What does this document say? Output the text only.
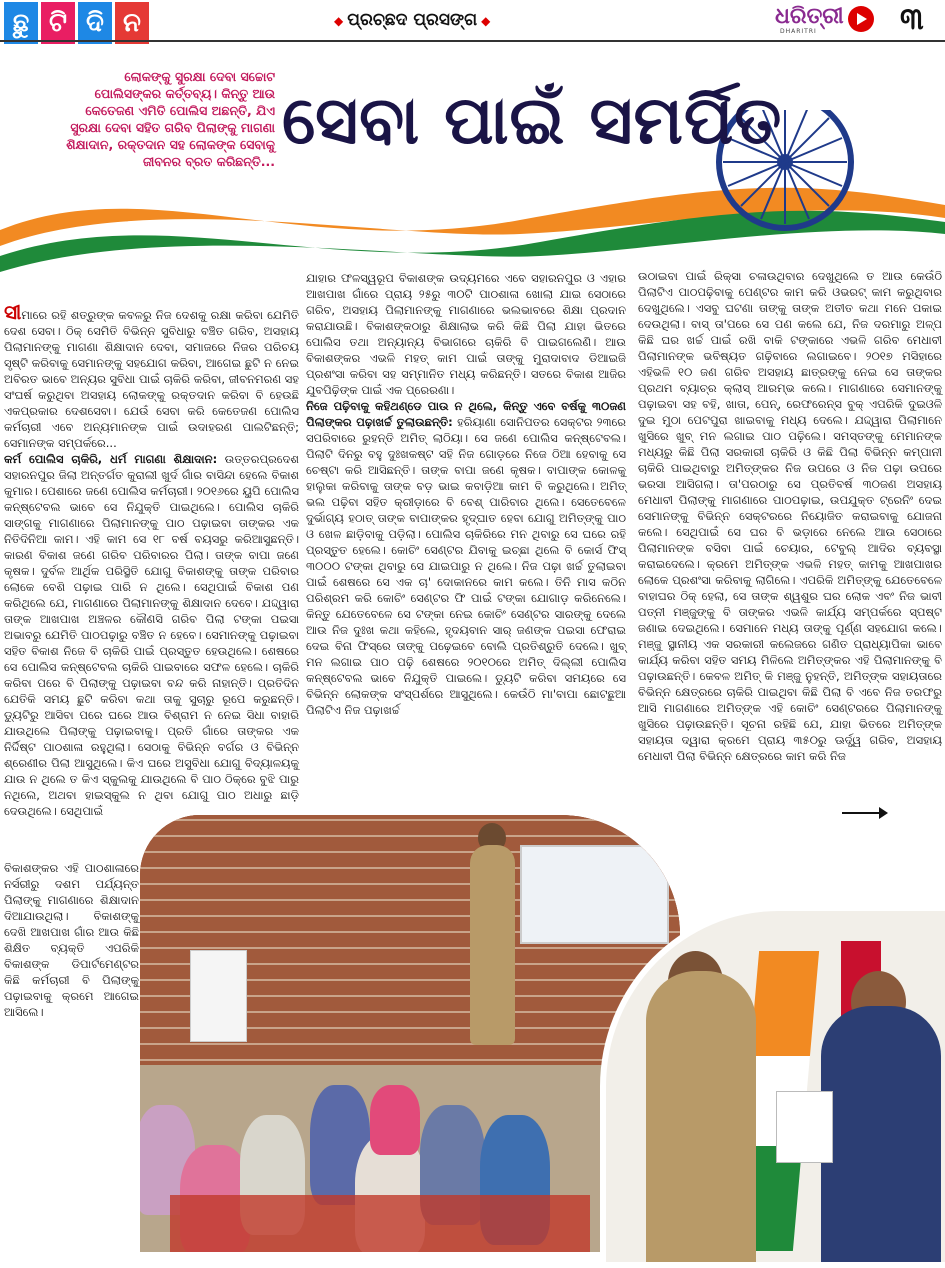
ଛୁ ଟି ଦି ନ	◆ ପ୍ରଚ୍ଛଦ ପ୍ରସଙ୍ଗ ◆	ଧରିତ୍ରୀ
DHARITRI	୩
ଲୋକଙ୍କୁ ସୁରକ୍ଷା ଦେବା ସଚ୍ଚୋଟ ପୋଲିସଙ୍କର କର୍ତ୍ତବ୍ୟ। କିନ୍ତୁ ଆଉ କେତେଜଣ ଏମିତି ପୋଲିସ ଅଛନ୍ତି, ଯିଏ ସୁରକ୍ଷା ଦେବା ସହିତ ଗରିବ ପିଲାଙ୍କୁ ମାଗଣା ଶିକ୍ଷାଦାନ, ରକ୍ତଦାନ ସହ ଲୋକଙ୍କ ସେବାକୁ ଜୀବନର ବ୍ରତ କରିଛନ୍ତି...
ସେବା ପାଇଁ ସମର୍ପିତ

ସୀମାରେ ରହି ଶତ୍ରୁଙ୍କ କବଳରୁ ନିଜ ଦେଶକୁ ରକ୍ଷା କରିବା ଯେମିତି ଦେଶ ସେବା। ଠିକ୍ ସେମିତି ବିଭିନ୍ନ ସୁବିଧାରୁ ବଞ୍ଚିତ ଗରିବ, ଅସହାୟ ପିଲାମାନଙ୍କୁ ମାଗଣା ଶିକ୍ଷାଦାନ ଦେବା, ସମାଜରେ ନିଜର ପରିଚୟ ସୃଷ୍ଟି କରିବାକୁ ସେମାନଙ୍କୁ ସହଯୋଗ କରିବା, ଆଗେଇ ଛୁଟି ନ ନେଇ ଅବିରତ ଭାବେ ଅନ୍ୟର ସୁବିଧା ପାଇଁ ଚାକିରି କରିବା, ଜୀବନମରଣ ସହ ସଂଘର୍ଷ କରୁଥିବା ଅସହାୟ ଲୋକଙ୍କୁ ରକ୍ତଦାନ କରିବା ବି ହେଉଛି ଏକପ୍ରକାର ଦେଶସେବା। ଯେଉଁ ସେବା କରି କେତେଜଣ ପୋଲିସ କର୍ମଚାରୀ ଏବେ ଅନ୍ୟମାନଙ୍କ ପାଇଁ ଉଦାହରଣ ପାଲଟିଛନ୍ତି; ସେମାନଙ୍କ ସମ୍ପର୍କରେ...

କର୍ମ ପୋଲିସ ଚାକିରି, ଧର୍ମ ମାଗଣା ଶିକ୍ଷାଦାନ: ଉତ୍ତରପ୍ରଦେଶ ସହାରନପୁର ଜିଲା ଅନ୍ତର୍ଗତ କୁରାଲୀ ଖୁର୍ଦ ଗାଁର ବାସିନ୍ଦା ହେଲେ ବିକାଶ କୁମାର। ପେଶାରେ ଜଣେ ପୋଲିସ କର୍ମଚାରୀ। ୨୦୧୬ରେ ୟୁପି ପୋଲିସ କନ୍ଷ୍ଟେବଲ ଭାବେ ସେ ନିଯୁକ୍ତି ପାଇଥିଲେ। ପୋଲିସ ଚାକିରି ସାଙ୍ଗକୁ ମାଗଣାରେ ପିଲାମାନଙ୍କୁ ପାଠ ପଢ଼ାଇବା ତାଙ୍କର ଏକ ନିତିଦିନିଆ କାମ। ଏହି କାମ ସେ ୧୮ ବର୍ଷ ବୟସରୁ କରିଆସୁଛନ୍ତି। କାରଣ ବିକାଶ ଜଣେ ଗରିବ ପରିବାରର ପିଲା। ତାଙ୍କ ବାପା ଜଣେ କୃଷକ। ଦୁର୍ବଳ ଆର୍ଥିକ ପରିସ୍ଥିତି ଯୋଗୁ ବିକାଶଙ୍କୁ ତାଙ୍କ ପରିବାର ଲୋକେ ବେଶି ପଢ଼ାଇ ପାରି ନ ଥିଲେ। ସେଥିପାଇଁ ବିକାଶ ପଣ କରିଥିଲେ ଯେ, ମାଗଣାରେ ପିଲାମାନଙ୍କୁ ଶିକ୍ଷାଦାନ ଦେବେ। ଯଦ୍ଦ୍ୱାରା ତାଙ୍କ ଆଖପାଖ ଅଞ୍ଚଳର କୌଣସି ଗରିବ ପିଲା ଟଙ୍କା ପଇସା ଅଭାବରୁ ଯେମିତି ପାଠପଢ଼ାରୁ ବଞ୍ଚିତ ନ ହେବେ। ସେମାନଙ୍କୁ ପଢ଼ାଇବା ସହିତ ବିକାଶ ନିଜେ ବି ଚାକିରି ପାଇଁ ପ୍ରସ୍ତୁତ ହେଉଥିଲେ। ଶେଷରେ ସେ ପୋଲିସ କନ୍ଷ୍ଟେବଲ ଚାକିରି ପାଇବାରେ ସଫଳ ହେଲେ। ଚାକିରି କରିବା ପରେ ବି ପିଲାଙ୍କୁ ପଢ଼ାଇବା ବନ୍ଦ କରି ନାହାନ୍ତି। ପ୍ରତିଦିନ ଯେତିକି ସମୟ ଛୁଟି କରିବା କଥା ତାକୁ ସୁଚାରୁ ରୂପେ କରୁଛନ୍ତି। ଡ୍ୟୁଟିରୁ ଆସିବା ପରେ ଘରେ ଆଉ ବିଶ୍ରାମ ନ ନେଇ ସିଧା ବାହାରି ଯାଉଥିଲେ ପିଲାଙ୍କୁ ପଢ଼ାଇବାକୁ। ପ୍ରତି ଗାଁରେ ତାଙ୍କର ଏକ ନିର୍ଦ୍ଦିଷ୍ଟ ପାଠଶାଳା ରହୁଥିଲା। ସେଠାକୁ ବିଭିନ୍ନ ବର୍ଗର ଓ ବିଭିନ୍ନ ଶ୍ରେଣୀର ପିଲା ଆସୁଥିଲେ। କିଏ ଘରେ ଅସୁବିଧା ଯୋଗୁ ବିଦ୍ୟାଳୟକୁ ଯାଉ ନ ଥିଲେ ତ କିଏ ସ୍କୁଲକୁ ଯାଉଥିଲେ ବି ପାଠ ଠିକ୍‌ରେ ବୁଝି ପାରୁ ନଥିଲେ, ଅଥବା ହାଇସ୍କୁଲ ନ ଥିବା ଯୋଗୁ ପାଠ ଅଧାରୁ ଛାଡ଼ି ଦେଉଥିଲେ। ସେଥିପାଇଁ

ବିକାଶଙ୍କର ଏହି ପାଠଶାଳାରେ ନର୍ସରୀରୁ ଦଶମ ପର୍ଯ୍ୟନ୍ତ ପିଲାଙ୍କୁ ମାଗଣାରେ ଶିକ୍ଷାଦାନ ଦିଆଯାଉଥିଲା। ବିକାଶଙ୍କୁ ଦେଖି ଆଖପାଖ ଗାଁର ଆଉ କିଛି ଶିକ୍ଷିତ ବ୍ୟକ୍ତି ଏପରିକି ବିକାଶଙ୍କ ଡିପାର୍ଟମେଣ୍ଟର କିଛି କର୍ମଚାରୀ ବି ପିଲାଙ୍କୁ ପଢ଼ାଇବାକୁ କ୍ରମେ ଆଗେଇ ଆସିଲେ।

ଯାହାର ଫଳସ୍ୱରୂପ ବିକାଶଙ୍କ ଉଦ୍ୟମରେ ଏବେ ସହାରନପୁର ଓ ଏହାର ଆଖପାଖ ଗାଁରେ ପ୍ରାୟ ୨୫ରୁ ୩୦ଟି ପାଠଶାଳା ଖୋଲା ଯାଇ ସେଠାରେ ଗରିବ, ଅସହାୟ ପିଲାମାନଙ୍କୁ ମାଗଣାରେ ଭଲଭାବରେ ଶିକ୍ଷା ପ୍ରଦାନ କରାଯାଉଛି। ବିକାଶଙ୍କଠାରୁ ଶିକ୍ଷାଲାଭ କରି କିଛି ପିଲା ଯାହା ଭିତରେ ପୋଲିସ ତଥା ଅନ୍ୟାନ୍ୟ ବିଭାଗରେ ଚାକିରି ବି ପାଇଗଲେଣି। ଆଉ ବିକାଶଙ୍କର ଏଭଳି ମହତ୍ କାମ ପାଇଁ ତାଙ୍କୁ ମୁରାଦାବାଦ ଡିଆଇଜି ପ୍ରଶଂସା କରିବା ସହ ସମ୍ମାନିତ ମଧ୍ୟ କରିଛନ୍ତି। ସତରେ ବିକାଶ ଆଜିର ଯୁବପିଢ଼ିଙ୍କ ପାଇଁ ଏକ ପ୍ରେରଣା।

ନିଜେ ପଢ଼ିବାକୁ କହିଥଣ୍ଡେ ପାଉ ନ ଥିଲେ, କିନ୍ତୁ ଏବେ ବର୍ଷକୁ ୩୦ଜଣ ପିଲାଙ୍କର ପଢ଼ାଖର୍ଚ୍ଚ ତୁଲାଉଛନ୍ତି: ହରିୟାଣା ସୋନିପତର ସେକ୍ଟର ୨୩ରେ ସପରିବାରେ ରୁହନ୍ତି ଅମିତ୍ ଲାଠିୟା। ସେ ଜଣେ ପୋଲିସ କନ୍ଷ୍ଟେବଲ। ପିଲାଟି ଦିନରୁ ବହୁ ଦୁଃଖକଷ୍ଟ ସହି ନିଜ ଗୋଡ଼ରେ ନିଜେ ଠିଆ ହେବାକୁ ସେ ଚେଷ୍ଟା କରି ଆସିଛନ୍ତି। ତାଙ୍କ ବାପା ଜଣେ କୃଷକ। ବାପାଙ୍କ କୋଳକୁ ହାଲୁକା କରିବାକୁ ତାଙ୍କ ବଡ଼ ଭାଇ କବାଡ଼ିଆ କାମ ବି କରୁଥିଲେ। ଅମିତ୍ ଭଲ ପଢ଼ିବା ସହିତ କ୍ରୀଡ଼ାରେ ବି ବେଶ୍ ପାରିବାର ଥିଲେ। ସେତେବେଳେ ଦୁର୍ଭାଗ୍ୟ ହଠାତ୍ ତାଙ୍କ ବାପାଙ୍କର ହୃଦ୍‌ଘାତ ହେବା ଯୋଗୁ ଅମିତ୍‌ଙ୍କୁ ପାଠ ଓ ଖେଳ ଛାଡ଼ିବାକୁ ପଡ଼ିଲା। ପୋଲିସ ଚାକିରିରେ ମନ ଥିବାରୁ ସେ ଘରେ ରହି ପ୍ରସ୍ତୁତ ହେଲେ। କୋଚିଂ ସେଣ୍ଟର ଯିବାକୁ ଇଚ୍ଛା ଥିଲେ ବି କୋର୍ସ ଫିସ୍ ୩୦୦୦ ଟଙ୍କା ଥିବାରୁ ସେ ଯାଇପାରୁ ନ ଥିଲେ। ନିଜ ପଢ଼ା ଖର୍ଚ୍ଚ ତୁଲାଇବା ପାଇଁ ଶେଷରେ ସେ ଏକ ଚା' ଦୋକାନରେ କାମ କଲେ। ତିନି ମାସ କଠିନ ପରିଶ୍ରମ କରି କୋଚିଂ ସେଣ୍ଟର ଫି ପାଇଁ ଟଙ୍କା ଯୋଗାଡ଼ କରିନେଲେ। କିନ୍ତୁ ଯେତେବେଳେ ସେ ଟଙ୍କା ନେଇ କୋଚିଂ ସେଣ୍ଟର ସାରଙ୍କୁ ଦେଲେ ଆଉ ନିଜ ଦୁଃଖ କଥା କହିଲେ, ହୃଦୟବାନ ସାର୍ ଜଣଙ୍କ ପଇସା ଫେରାଇ ଦେଇ ବିନା ଫିସ୍‌ରେ ତାଙ୍କୁ ପଢ଼େଇବେ ବୋଲି ପ୍ରତିଶ୍ରୁତି ଦେଲେ। ଖୁବ୍ ମନ ଲଗାଇ ପାଠ ପଢ଼ି ଶେଷରେ ୨୦୧୦ରେ ଅମିତ୍ ଦିଲ୍ଲୀ ପୋଲିସ କନ୍ଷ୍ଟେବଲ ଭାବେ ନିଯୁକ୍ତି ପାଇଲେ। ଡ୍ୟୁଟି କରିବା ସମୟରେ ସେ ବିଭିନ୍ନ ଲୋକଙ୍କ ସଂସ୍ପର୍ଶରେ ଆସୁଥିଲେ। କେଉଁଠି ମା'ବାପା ଛୋଟଛୁଆ ପିଲାଟିଏ ନିଜ ପଢ଼ାଖର୍ଚ୍ଚ

ଉଠାଇବା ପାଇଁ ରିକ୍ସା ଚଳାଉଥିବାର ଦେଖୁଥିଲେ ତ ଆଉ କେଉଁଠି ପିଲାଟିଏ ପାଠପଢ଼ିବାକୁ ପେଣ୍ଟର କାମ କରି ଓଭରଟ୍ କାମ କରୁଥିବାର ଦେଖୁଥିଲେ। ଏସବୁ ଘଟଣା ତାଙ୍କୁ ତାଙ୍କ ଅତୀତ କଥା ମନେ ପକାଇ ଦେଉଥିଲା। ବାସ୍ ତା'ପରେ ସେ ପଣ କଲେ ଯେ, ନିଜ ଦରମାରୁ ଅଳ୍ପ କିଛି ଘର ଖର୍ଚ୍ଚ ପାଇଁ ରଖି ବାକି ଟଙ୍କାରେ ଏଭଳି ଗରିବ ମେଧାବୀ ପିଲାମାନଙ୍କ ଭବିଷ୍ୟତ ଗଢ଼ିବାରେ ଲଗାଇବେ। ୨୦୧୭ ମସିହାରେ ଏହିଭଳି ୧୦ ଜଣ ଗରିବ ଅସହାୟ ଛାତ୍ରଙ୍କୁ ନେଇ ସେ ତାଙ୍କର ପ୍ରଥମ ବ୍ୟାଚ୍‌ର କ୍ଲାସ୍ ଆରମ୍ଭ କଲେ। ମାଗଣାରେ ସେମାନଙ୍କୁ ପଢ଼ାଇବା ସହ ବହି, ଖାତା, ପେନ୍, ରେଫରେନ୍ସ ବୁକ୍ ଏପରିକି ଦୁଇଓଳି ଦୁଇ ମୁଠା ପେଟପୁରା ଖାଇବାକୁ ମଧ୍ୟ ଦେଲେ। ଯଦ୍ଦ୍ୱାରା ପିଲାମାନେ ଖୁସିରେ ଖୁବ୍ ମନ ଲଗାଇ ପାଠ ପଢ଼ିଲେ। ସମସ୍ତଙ୍କୁ ମେମାନଙ୍କ ମଧ୍ୟରୁ କିଛି ପିଲା ସରକାରୀ ଚାକିରି ଓ କିଛି ପିଲା ବିଭିନ୍ନ କମ୍ପାନୀ ଚାକିରି ପାଇଥିବାରୁ ଅମିତ୍‌ଙ୍କର ନିଜ ଉପରେ ଓ ନିଜ ପଢ଼ା ଉପରେ ଭରସା ଆସିଗଲା। ତା'ପରଠାରୁ ସେ ପ୍ରତିବର୍ଷ ୩୦ଜଣ ଅସହାୟ ମେଧାବୀ ପିଲାଙ୍କୁ ମାଗଣାରେ ପାଠପଢ଼ାଇ, ଉପଯୁକ୍ତ ଟ୍ରେନିଂ ଦେଇ ସେମାନଙ୍କୁ ବିଭିନ୍ନ ସେକ୍ଟରରେ ନିୟୋଜିତ କରାଇବାକୁ ଯୋଜନା କଲେ। ସେଥିପାଇଁ ସେ ଘର ବି ଭଡ଼ାରେ ନେଲେ ଆଉ ସେଠାରେ ପିଲାମାନଙ୍କ ବସିବା ପାଇଁ ଚେୟାର, ଟେବୁଲ୍ ଆଦିର ବ୍ୟବସ୍ଥା କରାଇଦେଲେ। କ୍ରମେ ଅମିତ୍‌ଙ୍କ ଏଭଳି ମହତ୍ କାମକୁ ଆଖପାଖର ଲୋକେ ପ୍ରଶଂସା କରିବାକୁ ଲାଗିଲେ। ଏପରିକି ଅମିତ୍‌ଙ୍କୁ ଯେତେବେଳେ ବାହାଘର ଠିକ୍ ହେଲା, ସେ ତାଙ୍କ ଶ୍ୱଶୁର ଘର ଲୋକ ଏବଂ ନିଜ ଭାବୀ ପତ୍ନୀ ମଞ୍ଜୁଙ୍କୁ ବି ତାଙ୍କର ଏଭଳି କାର୍ଯ୍ୟ ସମ୍ପର୍କରେ ସ୍ପଷ୍ଟ ଜଣାଇ ଦେଇଥିଲେ। ସେମାନେ ମଧ୍ୟ ତାଙ୍କୁ ପୂର୍ଣ୍ଣ ସହଯୋଗ କଲେ। ମଞ୍ଜୁ ସ୍ଥାନୀୟ ଏକ ସରକାରୀ କଲେଜରେ ଗଣିତ ପ୍ରାଧ୍ୟାପିକା ଭାବେ କାର୍ଯ୍ୟ କରିବା ସହିତ ସମୟ ମିଳିଲେ ଅମିତ୍‌ଙ୍କର ଏହି ପିଲାମାନଙ୍କୁ ବି ପଢ଼ାଉଛନ୍ତି। କେବଳ ଅମିତ୍ କି ମଞ୍ଜୁ ନୁହନ୍ତି, ଅମିତ୍‌ଙ୍କ ସହାୟତାରେ ବିଭିନ୍ନ କ୍ଷେତ୍ରରେ ଚାକିରି ପାଇଥିବା କିଛି ପିଲା ବି ଏବେ ନିଜ ତରଫରୁ ଆସି ମାଗଣାରେ ଅମିତ୍‌ଙ୍କ ଏହି କୋଚିଂ ସେଣ୍ଟରରେ ପିଲାମାନଙ୍କୁ ଖୁସିରେ ପଢ଼ାଉଛନ୍ତି। ସୂଚନା ରହିଛି ଯେ, ଯାହା ଭିତରେ ଅମିତ୍‌ଙ୍କ ସହାୟତା ଦ୍ୱାରା କ୍ରମେ ପ୍ରାୟ ୩୫୦ରୁ ଊର୍ଦ୍ଧ୍ୱ ଗରିବ, ଅସହାୟ ମେଧାବୀ ପିଲା ବିଭିନ୍ନ କ୍ଷେତ୍ରରେ କାମ କରି ନିଜ
